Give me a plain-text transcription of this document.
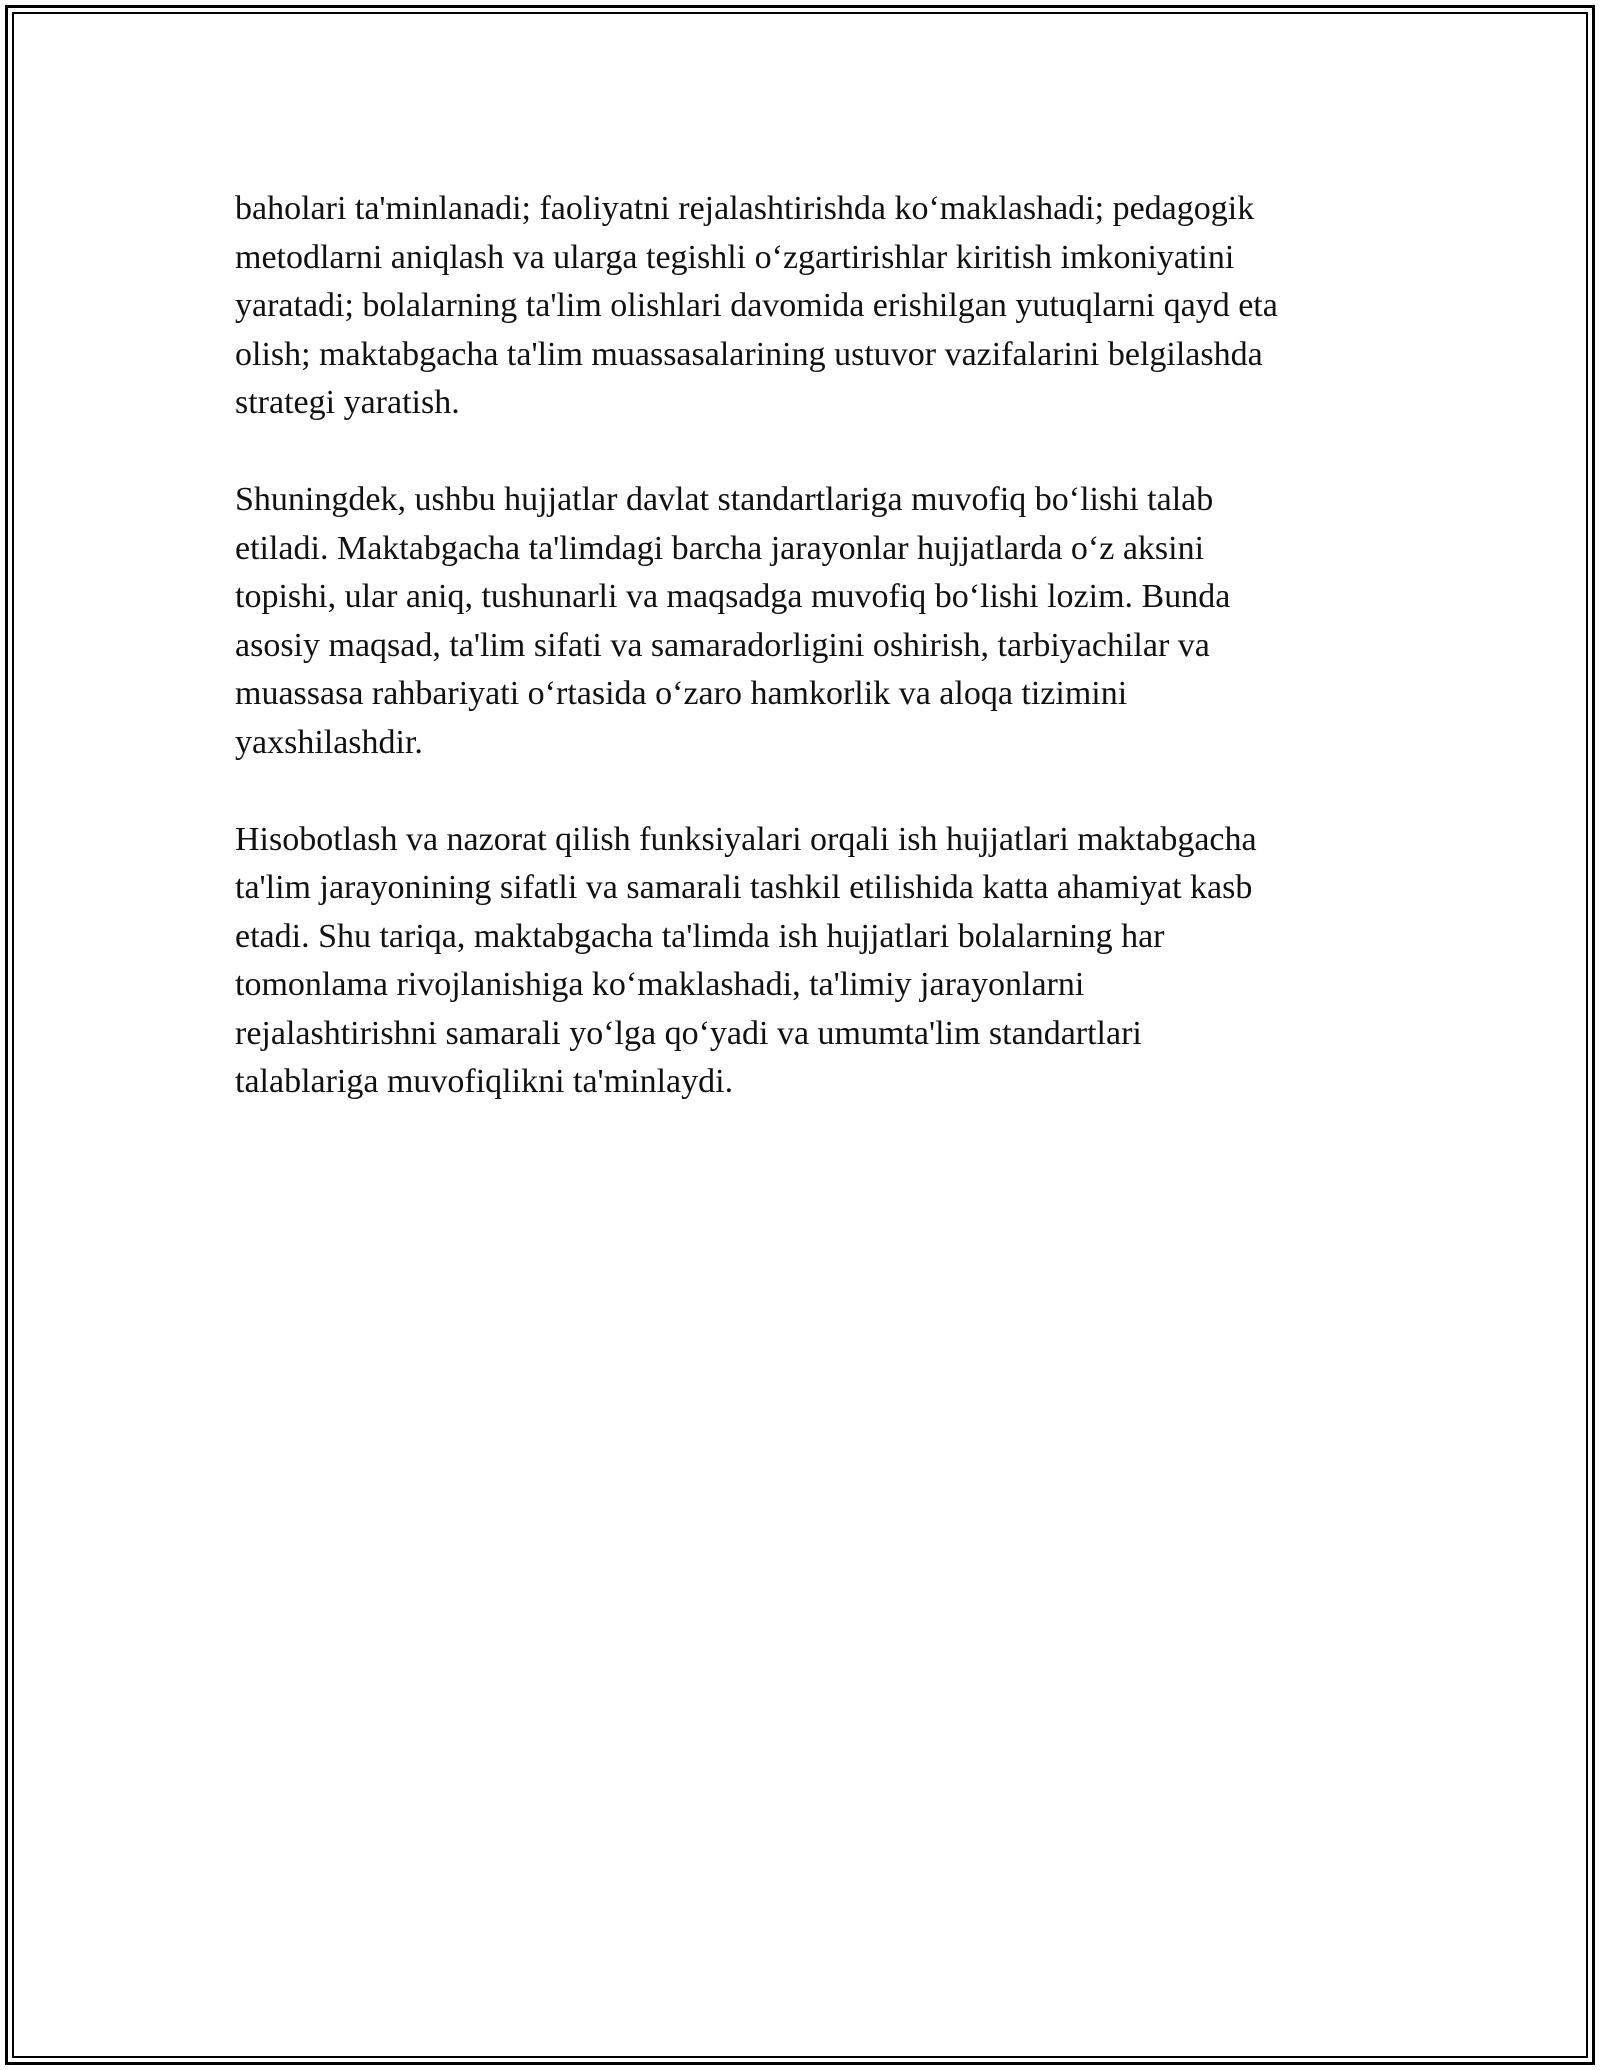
baholari ta'minlanadi; faoliyatni rejalashtirishda ko‘maklashadi; pedagogik
metodlarni aniqlash va ularga tegishli o‘zgartirishlar kiritish imkoniyatini
yaratadi; bolalarning ta'lim olishlari davomida erishilgan yutuqlarni qayd eta
olish; maktabgacha ta'lim muassasalarining ustuvor vazifalarini belgilashda
strategi yaratish.

Shuningdek, ushbu hujjatlar davlat standartlariga muvofiq bo‘lishi talab
etiladi. Maktabgacha ta'limdagi barcha jarayonlar hujjatlarda o‘z aksini
topishi, ular aniq, tushunarli va maqsadga muvofiq bo‘lishi lozim. Bunda
asosiy maqsad, ta'lim sifati va samaradorligini oshirish, tarbiyachilar va
muassasa rahbariyati o‘rtasida o‘zaro hamkorlik va aloqa tizimini
yaxshilashdir.

Hisobotlash va nazorat qilish funksiyalari orqali ish hujjatlari maktabgacha
ta'lim jarayonining sifatli va samarali tashkil etilishida katta ahamiyat kasb
etadi. Shu tariqa, maktabgacha ta'limda ish hujjatlari bolalarning har
tomonlama rivojlanishiga ko‘maklashadi, ta'limiy jarayonlarni
rejalashtirishni samarali yo‘lga qo‘yadi va umumta'lim standartlari
talablariga muvofiqlikni ta'minlaydi.
